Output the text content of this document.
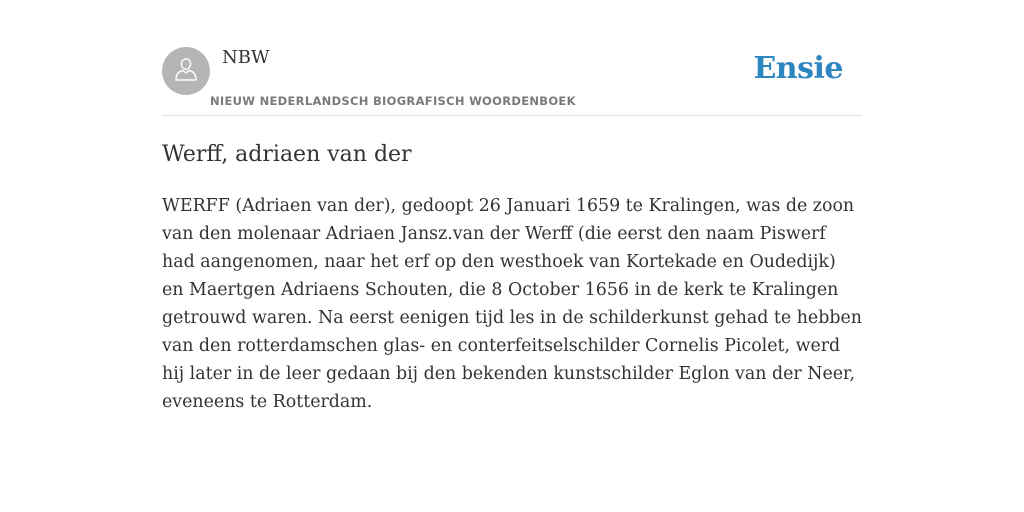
NBW
NIEUW NEDERLANDSCH BIOGRAFISCH WOORDENBOEK
Ensie
Werff, adriaen van der

WERFF (Adriaen van der), gedoopt 26 Januari 1659 te Kralingen, was de zoon van den molenaar Adriaen Jansz.van der Werff (die eerst den naam Piswerf had aangenomen, naar het erf op den westhoek van Kortekade en Oudedijk) en Maertgen Adriaens Schouten, die 8 October 1656 in de kerk te Kralingen getrouwd waren. Na eerst eenigen tijd les in de schilderkunst gehad te hebben van den rotterdamschen glas- en conterfeitselschilder Cornelis Picolet, werd hij later in de leer gedaan bij den bekenden kunstschilder Eglon van der Neer, eveneens te Rotterdam.
